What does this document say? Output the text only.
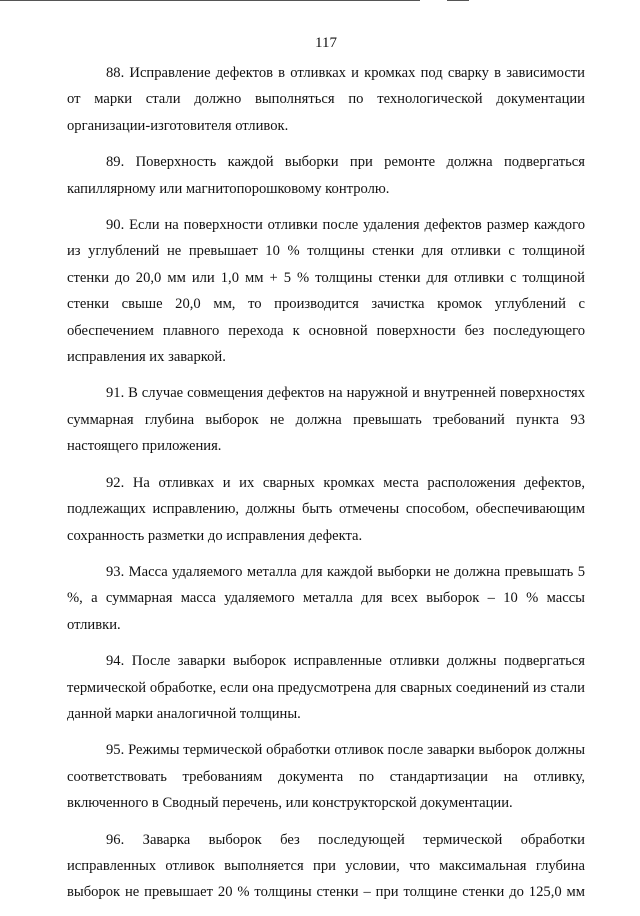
117

88. Исправление дефектов в отливках и кромках под сварку в зависимости от марки стали должно выполняться по технологической документации организации-изготовителя отливок.

89. Поверхность каждой выборки при ремонте должна подвергаться капиллярному или магнитопорошковому контролю.

90. Если на поверхности отливки после удаления дефектов размер каждого из углублений не превышает 10 % толщины стенки для отливки с толщиной стенки до 20,0 мм или 1,0 мм + 5 % толщины стенки для отливки с толщиной стенки свыше 20,0 мм, то производится зачистка кромок углублений с обеспечением плавного перехода к основной поверхности без последующего исправления их заваркой.

91. В случае совмещения дефектов на наружной и внутренней поверхностях суммарная глубина выборок не должна превышать требований пункта 93 настоящего приложения.

92. На отливках и их сварных кромках места расположения дефектов, подлежащих исправлению, должны быть отмечены способом, обеспечивающим сохранность разметки до исправления дефекта.

93. Масса удаляемого металла для каждой выборки не должна превышать 5 %, а суммарная масса удаляемого металла для всех выборок – 10 % массы отливки.

94. После заварки выборок исправленные отливки должны подвергаться термической обработке, если она предусмотрена для сварных соединений из стали данной марки аналогичной толщины.

95. Режимы термической обработки отливок после заварки выборок должны соответствовать требованиям документа по стандартизации на отливку, включенного в Сводный перечень, или конструкторской документации.

96. Заварка выборок без последующей термической обработки исправленных отливок выполняется при условии, что максимальная глубина выборок не превышает 20 % толщины стенки – при толщине стенки до 125,0 мм
